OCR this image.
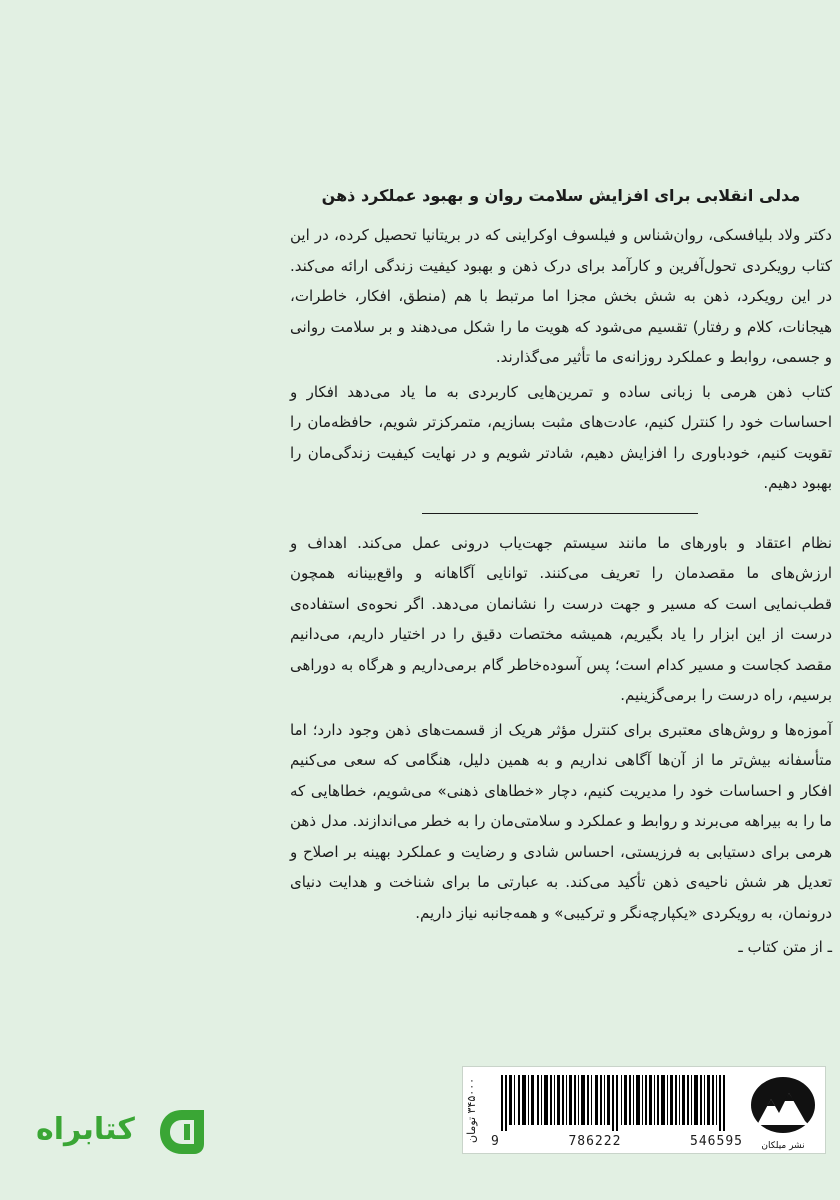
مدلی انقلابی برای افزایش سلامت روان و بهبود عملکرد ذهن

دکتر ولاد بلیافسکی، روان‌شناس و فیلسوف اوکراینی که در بریتانیا تحصیل کرده، در این کتاب رویکردی تحول‌آفرین و کارآمد برای درک ذهن و بهبود کیفیت زندگی ارائه می‌کند. در این رویکرد، ذهن به شش بخش مجزا اما مرتبط با هم (منطق، افکار، خاطرات، هیجانات، کلام و رفتار) تقسیم می‌شود که هویت ما را شکل می‌دهند و بر سلامت روانی و جسمی، روابط و عملکرد روزانه‌ی ما تأثیر می‌گذارند.

کتاب ذهن هرمی با زبانی ساده و تمرین‌هایی کاربردی به ما یاد می‌دهد افکار و احساسات خود را کنترل کنیم، عادت‌های مثبت بسازیم، متمرکزتر شویم، حافظه‌مان را تقویت کنیم، خودباوری را افزایش دهیم، شادتر شویم و در نهایت کیفیت زندگی‌مان را بهبود دهیم.

نظام اعتقاد و باورهای ما مانند سیستم جهت‌یاب درونی عمل می‌کند. اهداف و ارزش‌های ما مقصدمان را تعریف می‌کنند. توانایی آگاهانه و واقع‌بینانه همچون قطب‌نمایی است که مسیر و جهت درست را نشانمان می‌دهد. اگر نحوه‌ی استفاده‌ی درست از این ابزار را یاد بگیریم، همیشه مختصات دقیق را در اختیار داریم، می‌دانیم مقصد کجاست و مسیر کدام است؛ پس آسوده‌خاطر گام برمی‌داریم و هرگاه به دوراهی برسیم، راه درست را برمی‌گزینیم.

آموزه‌ها و روش‌های معتبری برای کنترل مؤثر هریک از قسمت‌های ذهن وجود دارد؛ اما متأسفانه بیش‌تر ما از آن‌ها آگاهی نداریم و به همین دلیل، هنگامی که سعی می‌کنیم افکار و احساسات خود را مدیریت کنیم، دچار «خطاهای ذهنی» می‌شویم، خطاهایی که ما را به بیراهه می‌برند و روابط و عملکرد و سلامتی‌مان را به خطر می‌اندازند. مدل ذهن هرمی برای دستیابی به فرزیستی، احساس شادی و رضایت و عملکرد بهینه بر اصلاح و تعدیل هر شش ناحیه‌ی ذهن تأکید می‌کند. به عبارتی ما برای شناخت و هدایت دنیای درونمان، به رویکردی «یکپارچه‌نگر و ترکیبی» و همه‌جانبه نیاز داریم.

ـ از متن کتاب ـ
۳۴۵۰۰۰ تومان
9	786222	546595	نشر میلکان
کتابراه
